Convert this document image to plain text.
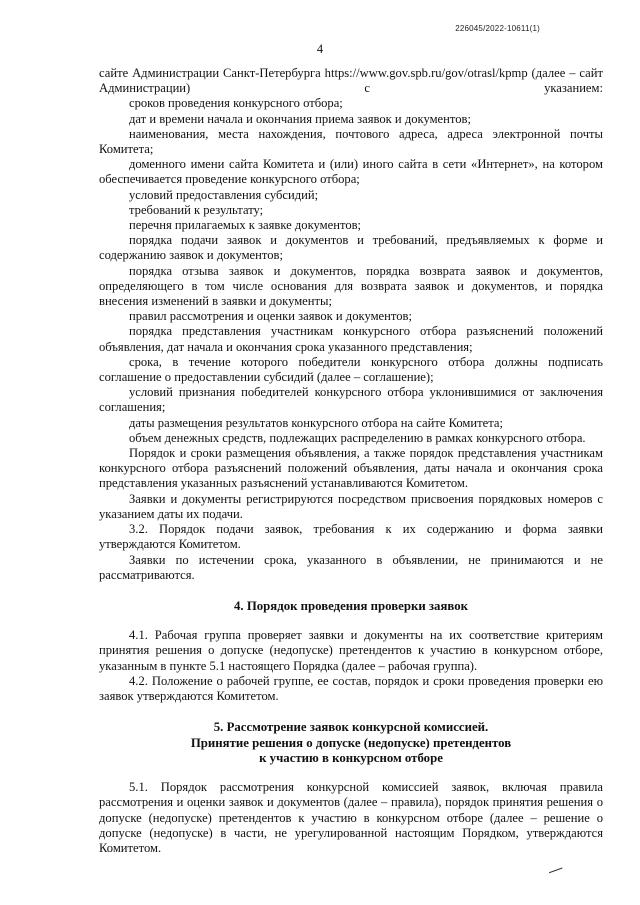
226045/2022-10611(1)
4

сайте Администрации Санкт-Петербурга https://www.gov.spb.ru/gov/otrasl/kpmp (далее – сайт Администрации) с указанием:

сроков проведения конкурсного отбора;

дат и времени начала и окончания приема заявок и документов;

наименования, места нахождения, почтового адреса, адреса электронной почты Комитета;

доменного имени сайта Комитета и (или) иного сайта в сети «Интернет», на котором обеспечивается проведение конкурсного отбора;

условий предоставления субсидий;

требований к результату;

перечня прилагаемых к заявке документов;

порядка подачи заявок и документов и требований, предъявляемых к форме и содержанию заявок и документов;

порядка отзыва заявок и документов, порядка возврата заявок и документов, определяющего в том числе основания для возврата заявок и документов, и порядка внесения изменений в заявки и документы;

правил рассмотрения и оценки заявок и документов;

порядка представления участникам конкурсного отбора разъяснений положений объявления, дат начала и окончания срока указанного представления;

срока, в течение которого победители конкурсного отбора должны подписать соглашение о предоставлении субсидий (далее – соглашение);

условий признания победителей конкурсного отбора уклонившимися от заключения соглашения;

даты размещения результатов конкурсного отбора на сайте Комитета;

объем денежных средств, подлежащих распределению в рамках конкурсного отбора.

Порядок и сроки размещения объявления, а также порядок представления участникам конкурсного отбора разъяснений положений объявления, даты начала и окончания срока представления указанных разъяснений устанавливаются Комитетом.

Заявки и документы регистрируются посредством присвоения порядковых номеров с указанием даты их подачи.

3.2. Порядок подачи заявок, требования к их содержанию и форма заявки утверждаются Комитетом.

Заявки по истечении срока, указанного в объявлении, не принимаются и не рассматриваются.

4. Порядок проведения проверки заявок

4.1. Рабочая группа проверяет заявки и документы на их соответствие критериям принятия решения о допуске (недопуске) претендентов к участию в конкурсном отборе, указанным в пункте 5.1 настоящего Порядка (далее – рабочая группа).

4.2. Положение о рабочей группе, ее состав, порядок и сроки проведения проверки ею заявок утверждаются Комитетом.

5. Рассмотрение заявок конкурсной комиссией.

Принятие решения о допуске (недопуске) претендентов

к участию в конкурсном отборе

5.1. Порядок рассмотрения конкурсной комиссией заявок, включая правила рассмотрения и оценки заявок и документов (далее – правила), порядок принятия решения о допуске (недопуске) претендентов к участию в конкурсном отборе (далее – решение о допуске (недопуске) в части, не урегулированной настоящим Порядком, утверждаются Комитетом.
